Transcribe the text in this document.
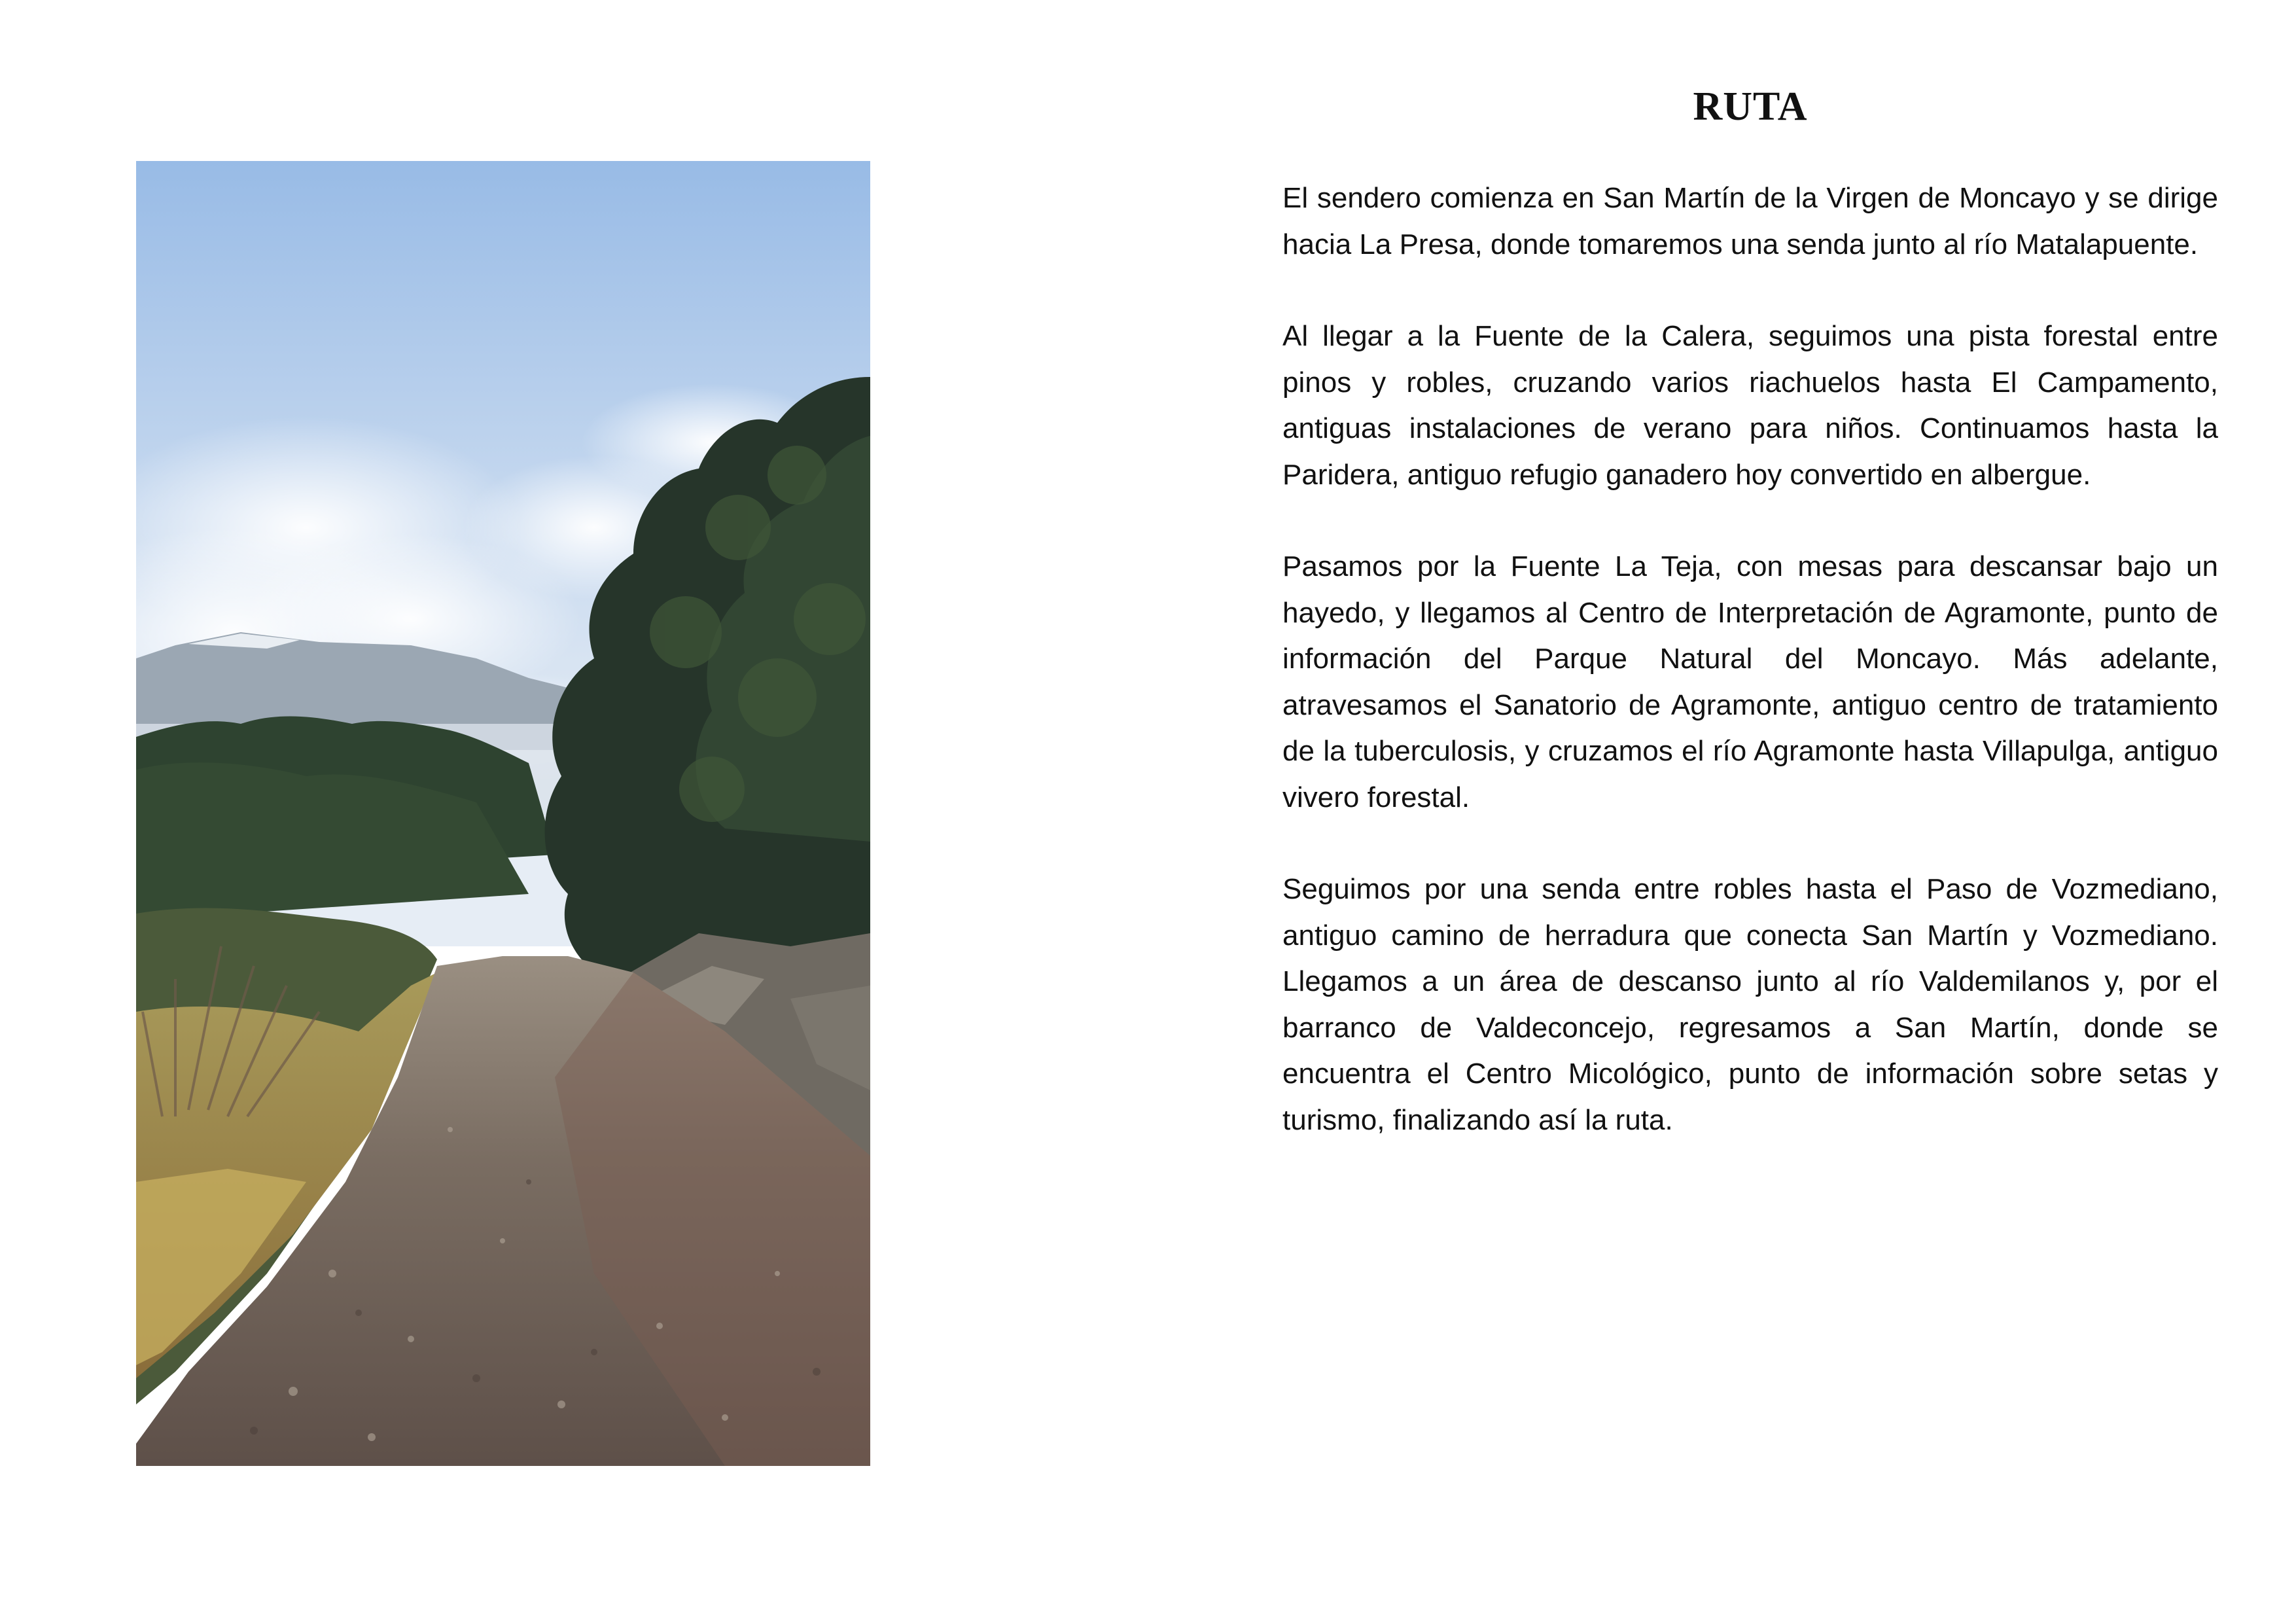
RUTA

El sendero comienza en San Martín de la Virgen de Moncayo y se dirige hacia La Presa, donde tomaremos una senda junto al río Matalapuente.

Al llegar a la Fuente de la Calera, seguimos una pista forestal entre pinos y robles, cruzando varios riachuelos hasta El Campamento, antiguas instalaciones de verano para niños. Continuamos hasta la Paridera, antiguo refugio ganadero hoy convertido en albergue.

Pasamos por la Fuente La Teja, con mesas para descansar bajo un hayedo, y llegamos al Centro de Interpretación de Agramonte, punto de información del Parque Natural del Moncayo. Más adelante, atravesamos el Sanatorio de Agramonte, antiguo centro de tratamiento de la tuberculosis, y cruzamos el río Agramonte hasta Villapulga, antiguo vivero forestal.

Seguimos por una senda entre robles hasta el Paso de Vozmediano, antiguo camino de herradura que conecta San Martín y Vozmediano. Llegamos a un área de descanso junto al río Valdemilanos y, por el barranco de Valdeconcejo, regresamos a San Martín, donde se encuentra el Centro Micológico, punto de información sobre setas y turismo, finalizando así la ruta.
